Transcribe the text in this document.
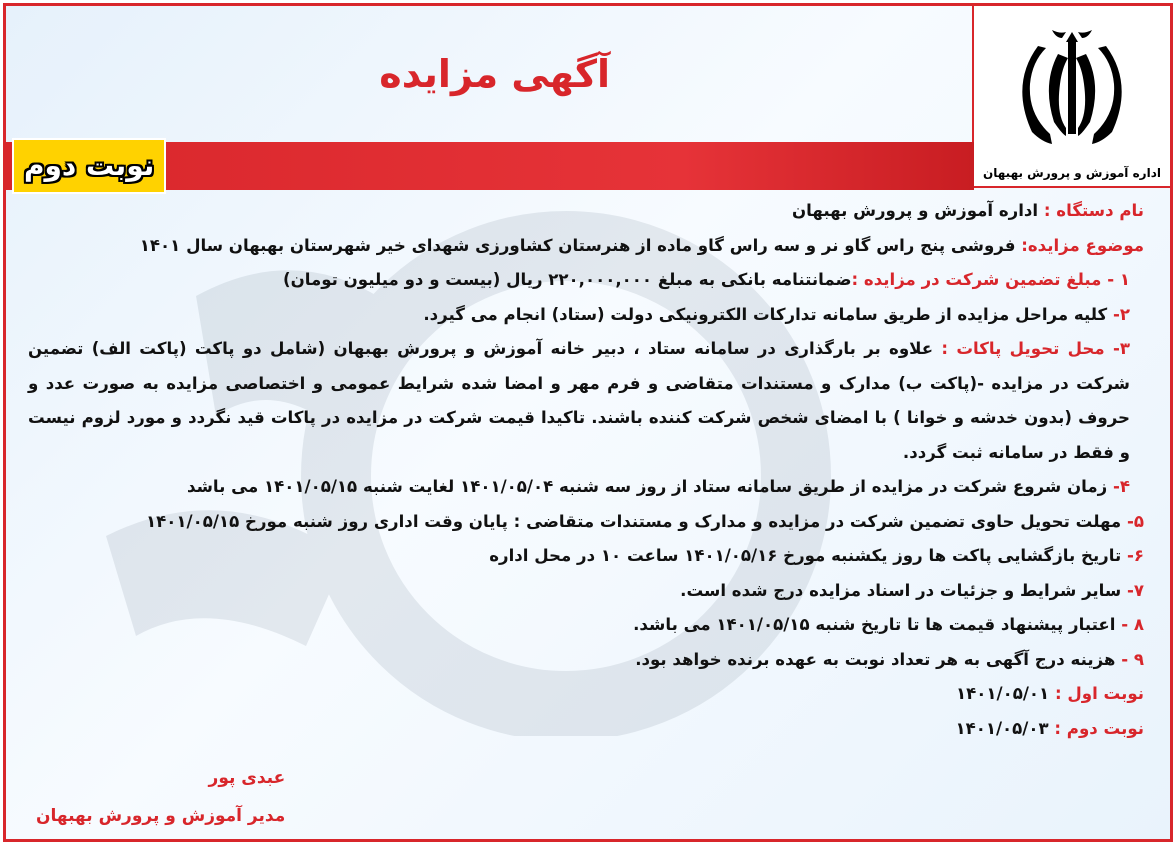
اداره آموزش و پرورش بهبهان
آگهی مزایده
نوبت دوم

نام دستگاه : اداره آموزش و پرورش بهبهان

موضوع مزایده: فروشی پنج راس گاو نر و سه راس گاو ماده از هنرستان کشاورزی شهدای خیر شهرستان بهبهان سال ۱۴۰۱

۱ - مبلغ تضمین شرکت در مزایده :ضمانتنامه بانکی به مبلغ ۲۲۰,۰۰۰,۰۰۰ ریال (بیست و دو میلیون تومان)

۲- کلیه مراحل مزایده از طریق سامانه تدارکات الکترونیکی دولت (ستاد) انجام می گیرد.

۳- محل تحویل پاکات : علاوه بر بارگذاری در سامانه ستاد ، دبیر خانه آموزش و پرورش بهبهان (شامل دو پاکت (پاکت الف) تضمین شرکت در مزایده -(پاکت ب) مدارک و مستندات متقاضی و فرم مهر و امضا شده شرایط عمومی و اختصاصی مزایده به صورت عدد و حروف (بدون خدشه و خوانا ) با امضای شخص شرکت کننده باشند. تاکیدا قیمت شرکت در مزایده در پاکات قید نگردد و مورد لزوم نیست و فقط در سامانه ثبت گردد.

۴- زمان شروع شرکت در مزایده از طریق سامانه ستاد از روز سه شنبه ۱۴۰۱/۰۵/۰۴ لغایت شنبه ۱۴۰۱/۰۵/۱۵ می باشد

۵- مهلت تحویل حاوی تضمین شرکت در مزایده و مدارک و مستندات متقاضی : پایان وقت اداری روز شنبه مورخ ۱۴۰۱/۰۵/۱۵

۶- تاریخ بازگشایی پاکت ها روز یکشنبه مورخ ۱۴۰۱/۰۵/۱۶ ساعت ۱۰ در محل اداره

۷- سایر شرایط و جزئیات در اسناد مزایده درج شده است.

۸ - اعتبار پیشنهاد قیمت ها تا تاریخ شنبه ۱۴۰۱/۰۵/۱۵ می باشد.

۹ - هزینه درج آگهی به هر تعداد نوبت به عهده برنده خواهد بود.

نوبت اول : ۱۴۰۱/۰۵/۰۱

نوبت دوم : ۱۴۰۱/۰۵/۰۳

عبدی پور
مدیر آموزش و پرورش بهبهان
